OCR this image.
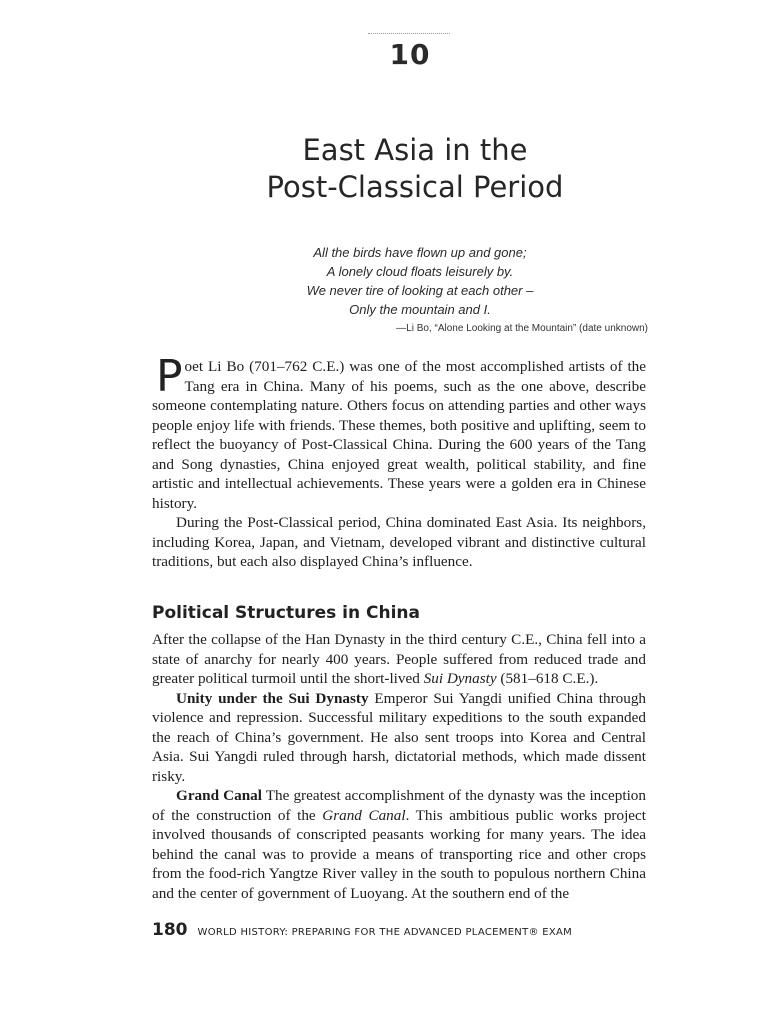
10
East Asia in the
Post-Classical Period
All the birds have flown up and gone;
A lonely cloud floats leisurely by.
We never tire of looking at each other –
Only the mountain and I.
—Li Bo, “Alone Looking at the Mountain” (date unknown)

Poet Li Bo (701–762 C.E.) was one of the most accomplished artists of the Tang era in China. Many of his poems, such as the one above, describe someone contemplating nature. Others focus on attending parties and other ways people enjoy life with friends. These themes, both positive and uplifting, seem to reflect the buoyancy of Post-Classical China. During the 600 years of the Tang and Song dynasties, China enjoyed great wealth, political stability, and fine artistic and intellectual achievements. These years were a golden era in Chinese history.

During the Post-Classical period, China dominated East Asia. Its neighbors, including Korea, Japan, and Vietnam, developed vibrant and distinctive cultural traditions, but each also displayed China’s influence.

Political Structures in China

After the collapse of the Han Dynasty in the third century C.E., China fell into a state of anarchy for nearly 400 years. People suffered from reduced trade and greater political turmoil until the short-lived Sui Dynasty (581–618 C.E.).

Unity under the Sui Dynasty Emperor Sui Yangdi unified China through violence and repression. Successful military expeditions to the south expanded the reach of China’s government. He also sent troops into Korea and Central Asia. Sui Yangdi ruled through harsh, dictatorial methods, which made dissent risky.

Grand Canal The greatest accomplishment of the dynasty was the inception of the construction of the Grand Canal. This ambitious public works project involved thousands of conscripted peasants working for many years. The idea behind the canal was to provide a means of transporting rice and other crops from the food-rich Yangtze River valley in the south to populous northern China and the center of government of Luoyang. At the southern end of the

180 WORLD HISTORY: PREPARING FOR THE ADVANCED PLACEMENT® EXAM
